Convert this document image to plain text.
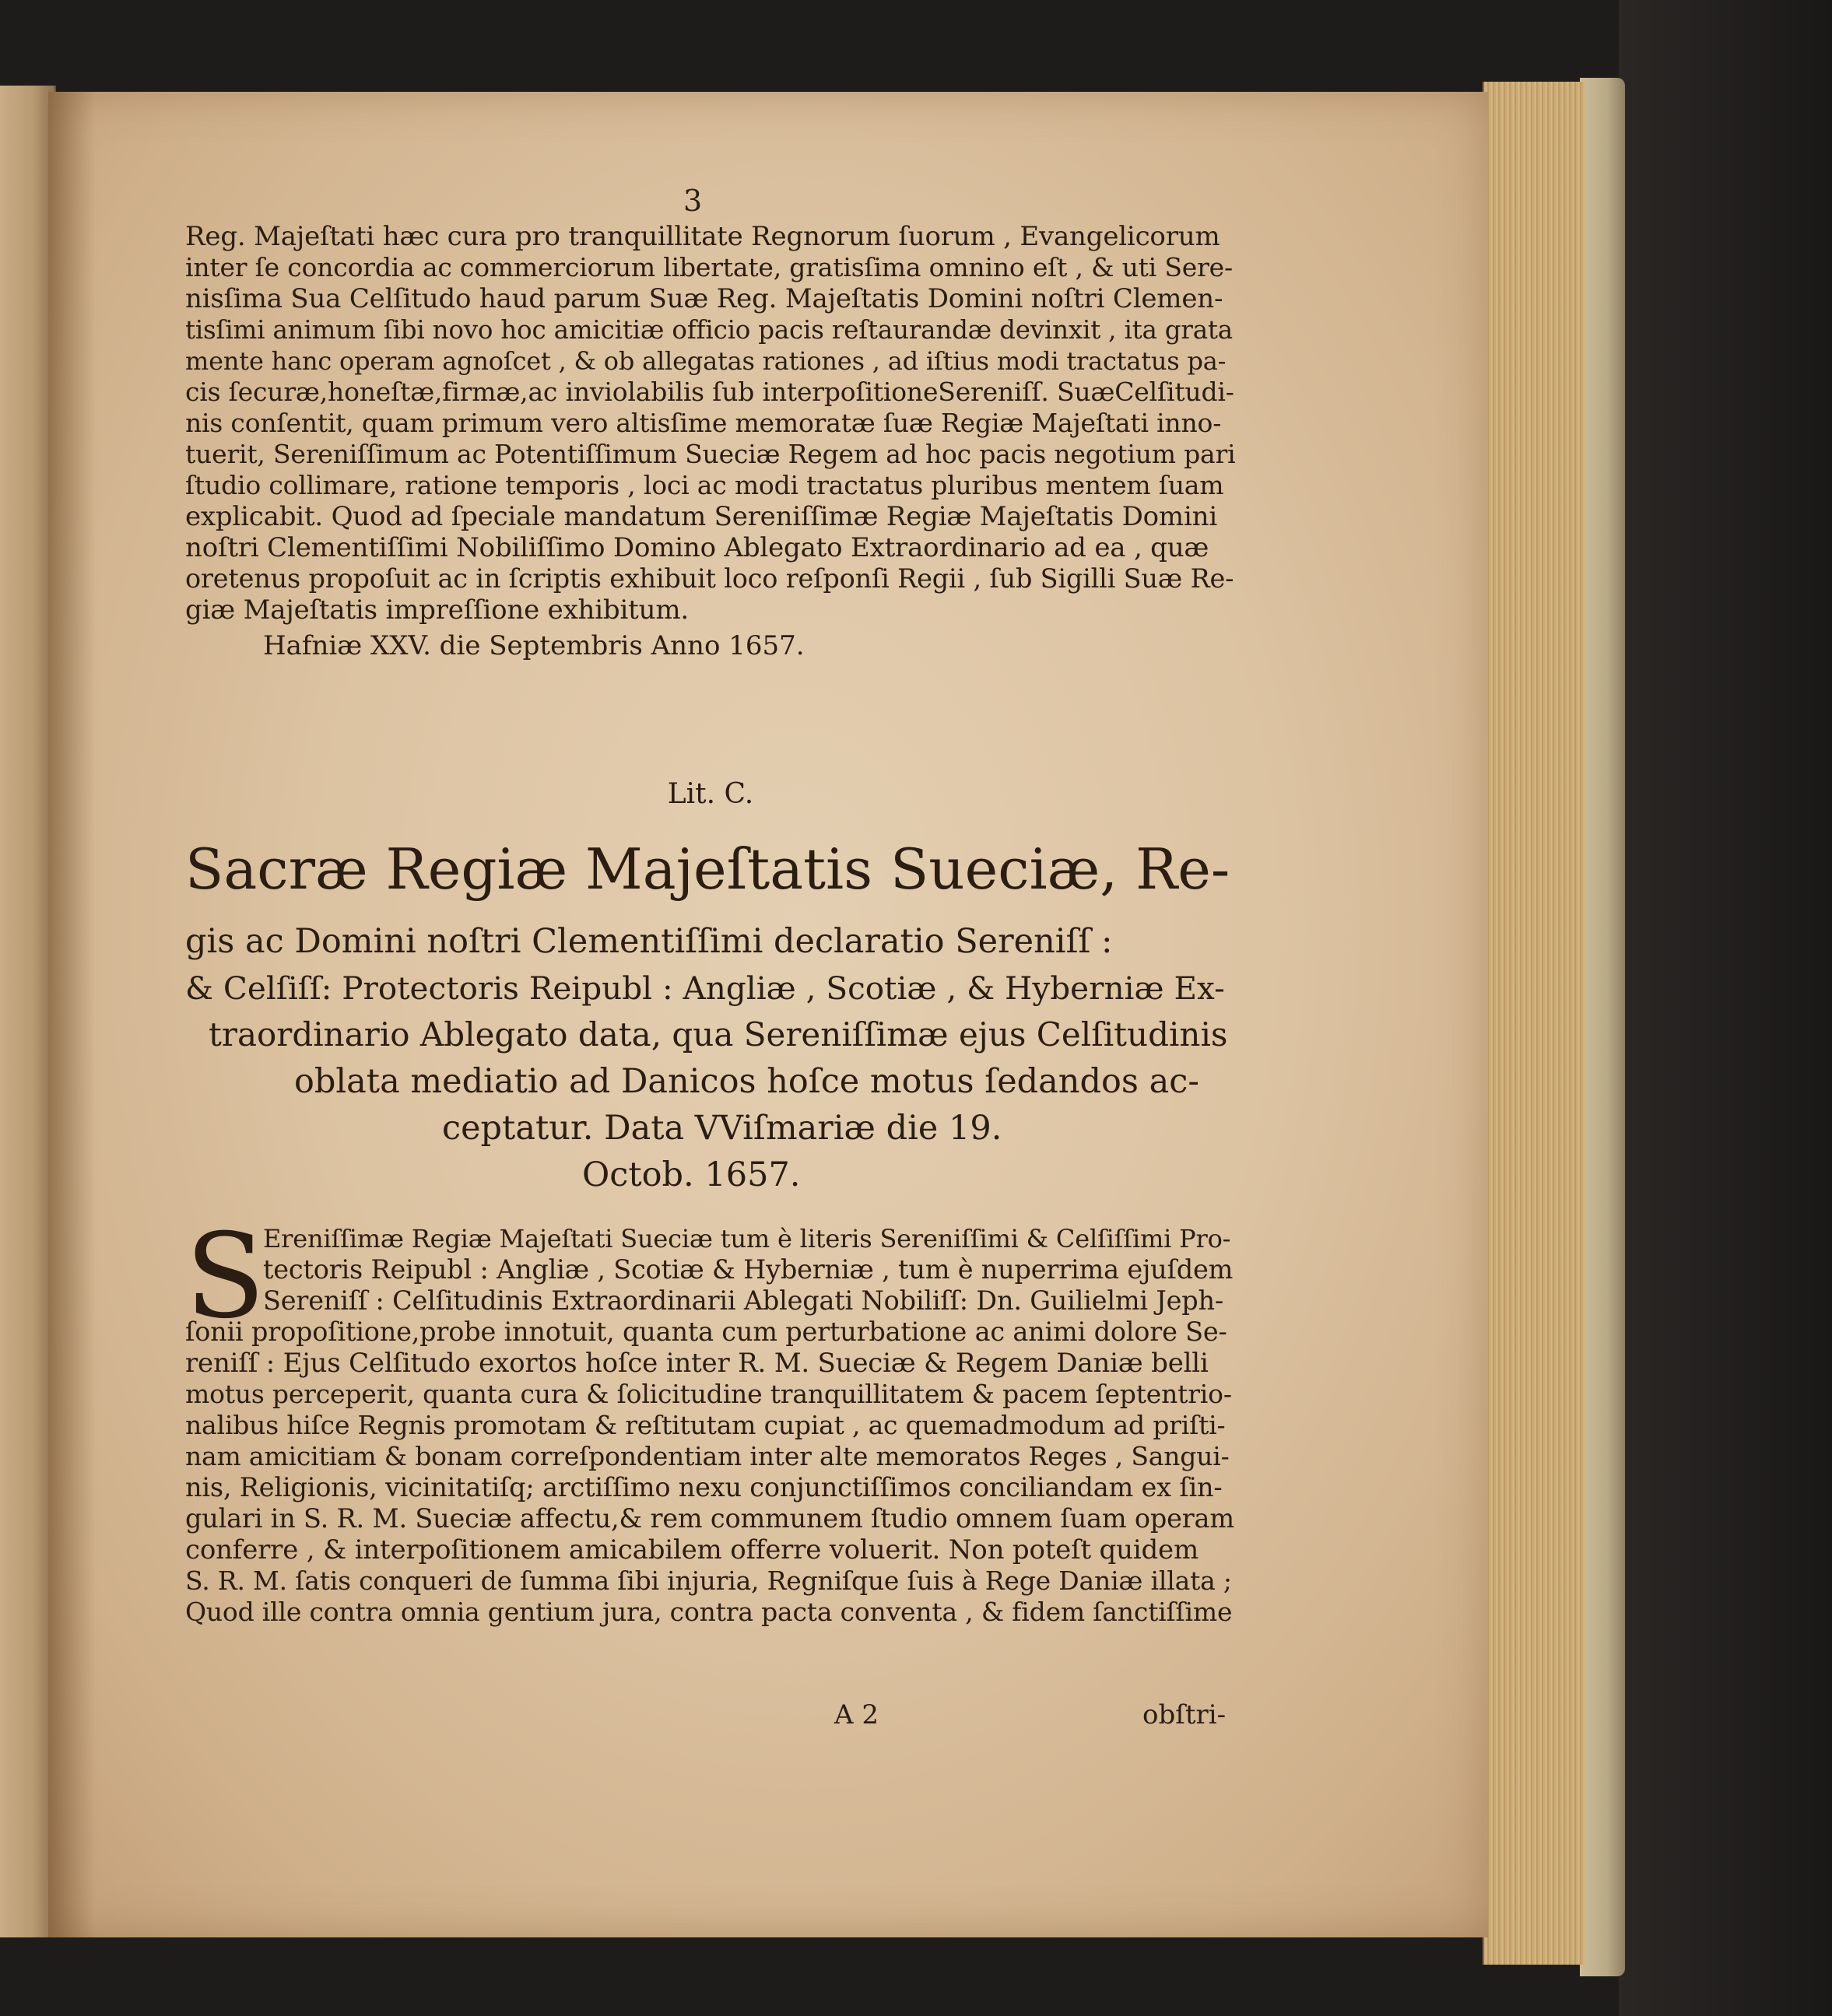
3
Reg. Majeſtati hæc cura pro tranquillitate Regnorum ſuorum , Evangelicorum
inter ſe concordia ac commerciorum libertate, gratisſima omnino eſt , & uti Sere-
nisſima Sua Celſitudo haud parum Suæ Reg. Majeſtatis Domini noſtri Clemen-
tisſimi animum ſibi novo hoc amicitiæ officio pacis reſtaurandæ devinxit , ita grata
mente hanc operam agnoſcet , & ob allegatas rationes , ad iſtius modi tractatus pa-
cis ſecuræ,honeſtæ,firmæ,ac inviolabilis ſub interpoſitioneSereniſſ. SuæCelſitudi-
nis conſentit, quam primum vero altisſime memoratæ ſuæ Regiæ Majeſtati inno-
tuerit, Sereniſſimum ac Potentiſſimum Sueciæ Regem ad hoc pacis negotium pari
ſtudio collimare, ratione temporis , loci ac modi tractatus pluribus mentem ſuam
explicabit. Quod ad ſpeciale mandatum Sereniſſimæ Regiæ Majeſtatis Domini
noſtri Clementiſſimi Nobiliſſimo Domino Ablegato Extraordinario ad ea , quæ
oretenus propoſuit ac in ſcriptis exhibuit loco reſponſi Regii , ſub Sigilli Suæ Re-
giæ Majeſtatis impreſſione exhibitum.
Hafniæ XXV. die Septembris Anno 1657.
Lit. C.
Sacræ Regiæ Majeſtatis Sueciæ, Re-
gis ac Domini noſtri Clementiſſimi declaratio Sereniſſ :
& Celſiſſ: Protectoris Reipubl : Angliæ , Scotiæ , & Hyberniæ Ex-
traordinario Ablegato data, qua Sereniſſimæ ejus Celſitudinis
oblata mediatio ad Danicos hoſce motus ſedandos ac-
ceptatur. Data VViſmariæ die 19.
Octob. 1657.
S
Ereniſſimæ Regiæ Majeſtati Sueciæ tum è literis Sereniſſimi & Celſiſſimi Pro-
tectoris Reipubl : Angliæ , Scotiæ & Hyberniæ , tum è nuperrima ejuſdem
Sereniſſ : Celſitudinis Extraordinarii Ablegati Nobiliſſ: Dn. Guilielmi Jeph-
ſonii propoſitione,probe innotuit, quanta cum perturbatione ac animi dolore Se-
reniſſ : Ejus Celſitudo exortos hoſce inter R. M. Sueciæ & Regem Daniæ belli
motus perceperit, quanta cura & ſolicitudine tranquillitatem & pacem ſeptentrio-
nalibus hiſce Regnis promotam & reſtitutam cupiat , ac quemadmodum ad priſti-
nam amicitiam & bonam correſpondentiam inter alte memoratos Reges , Sangui-
nis, Religionis, vicinitatiſq; arctiſſimo nexu conjunctiſſimos conciliandam ex ſin-
gulari in S. R. M. Sueciæ affectu,& rem communem ſtudio omnem ſuam operam
conferre , & interpoſitionem amicabilem offerre voluerit. Non poteſt quidem
S. R. M. ſatis conqueri de ſumma ſibi injuria, Regniſque ſuis à Rege Daniæ illata ;
Quod ille contra omnia gentium jura, contra pacta conventa , & fidem ſanctiſſime
A 2	obſtri-
